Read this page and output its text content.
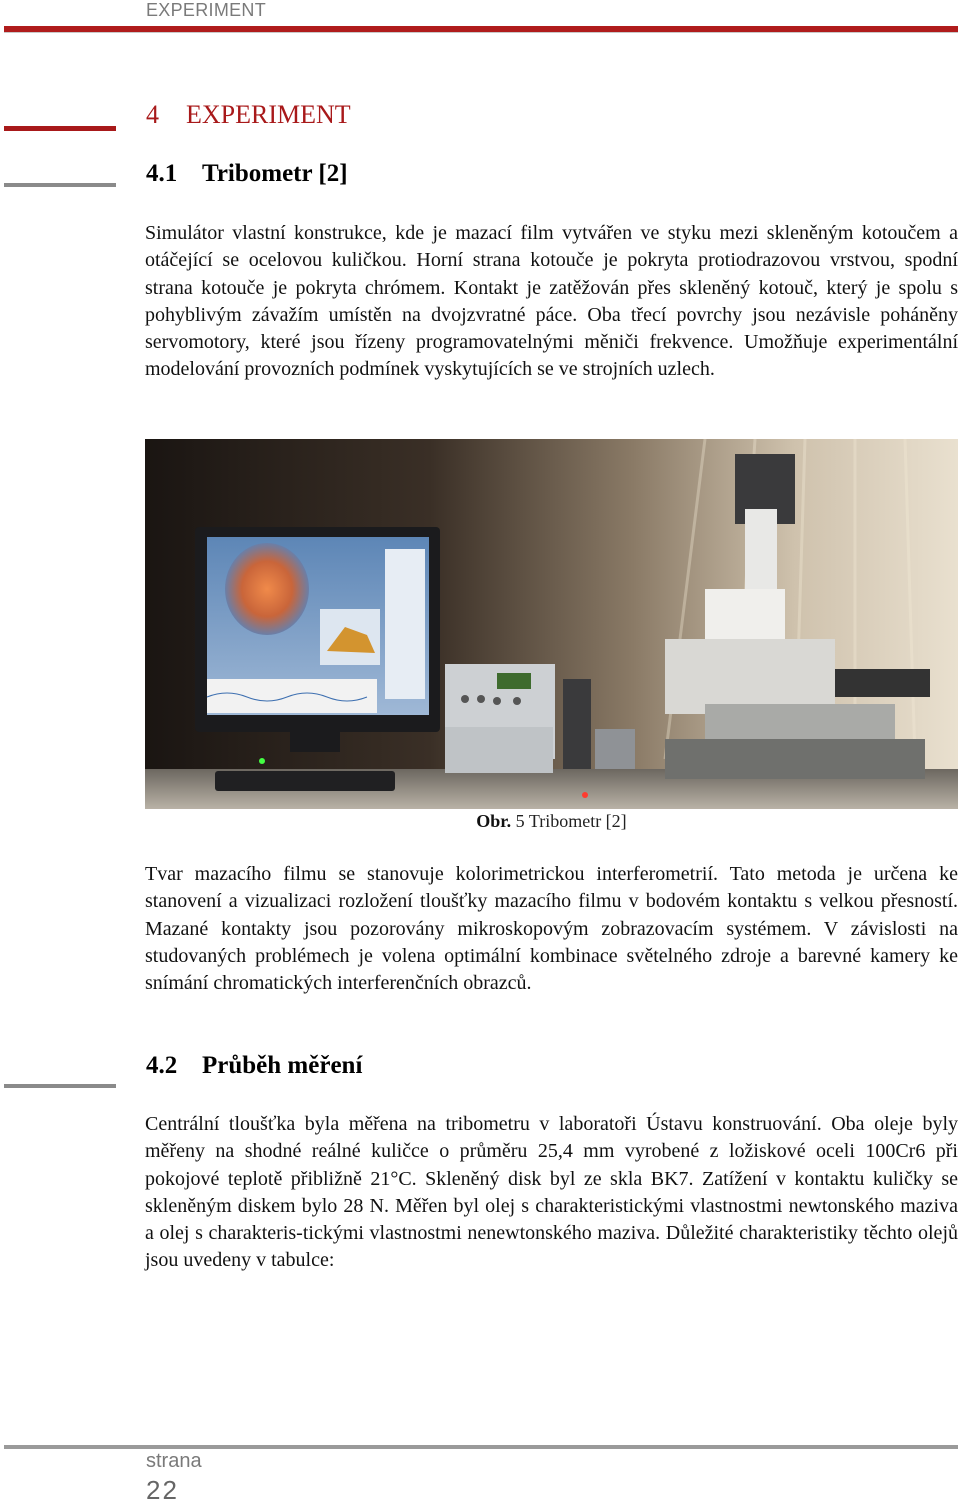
EXPERIMENT
4 EXPERIMENT
4.1 Tribometr [2]

Simulátor vlastní konstrukce, kde je mazací film vytvářen ve styku mezi skleněným kotoučem a otáčející se ocelovou kuličkou. Horní strana kotouče je pokryta protiodrazovou vrstvou, spodní strana kotouče je pokryta chrómem. Kontakt je zatěžován přes skleněný kotouč, který je spolu s pohyblivým závažím umístěn na dvojzvratné páce. Oba třecí povrchy jsou nezávisle poháněny servomotory, které jsou řízeny programovatelnými měniči frekvence. Umožňuje experimentální modelování provozních podmínek vyskytujících se ve strojních uzlech.

Obr. 5 Tribometr [2]

Tvar mazacího filmu se stanovuje kolorimetrickou interferometrií. Tato metoda je určena ke stanovení a vizualizaci rozložení tloušťky mazacího filmu v bodovém kontaktu s velkou přesností. Mazané kontakty jsou pozorovány mikroskopovým zobrazovacím systémem. V závislosti na studovaných problémech je volena optimální kombinace světelného zdroje a barevné kamery ke snímání chromatických interferenčních obrazců.

4.2 Průběh měření

Centrální tloušťka byla měřena na tribometru v laboratoři Ústavu konstruování. Oba oleje byly měřeny na shodné reálné kuličce o průměru 25,4 mm vyrobené z ložiskové oceli 100Cr6 při pokojové teplotě přibližně 21°C. Skleněný disk byl ze skla BK7. Zatížení v kontaktu kuličky se skleněným diskem bylo 28 N. Měřen byl olej s charakteristickými vlastnostmi newtonského maziva a olej s charakteris-tickými vlastnostmi nenewtonského maziva. Důležité charakteristiky těchto olejů jsou uvedeny v tabulce:

strana
22
